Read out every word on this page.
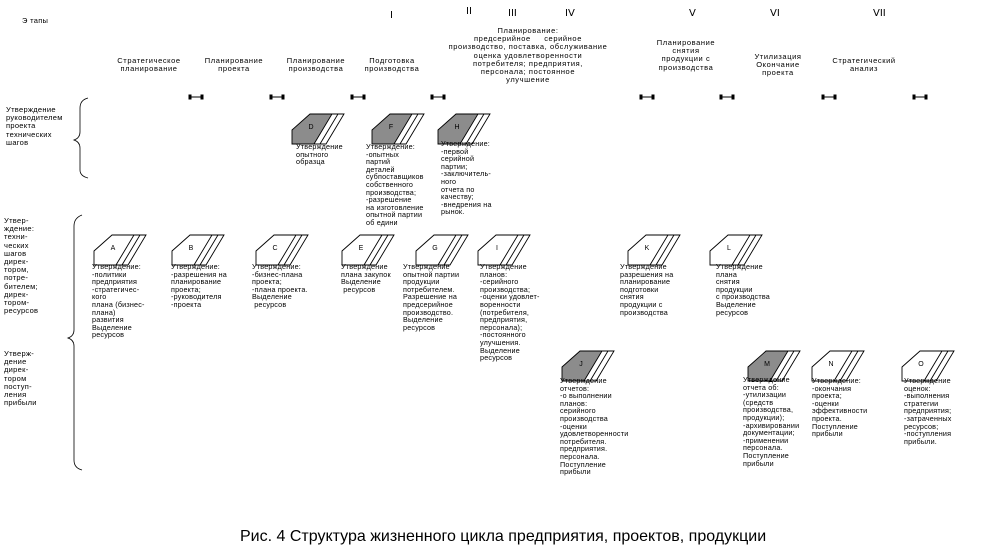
Э тапы	I	II	III	IV	V	VI	VII
Стратегическое
планирование
Планирование
проекта
Планирование
производства
Подготовка
производства
Планирование:
предсерийное     серийное
производство, поставка, обслуживание
оценка удовлетворенности
потребителя; предприятия,
персонала; постоянное
улучшение
Планирование
снятия
продукции с
производства
Утилизация
Окончание
проекта
Стратегический
анализ
Утверждение
руководителем
проекта
технических
шагов
Утвер-
ждение:
техни-
ческих
шагов
дирек-
тором,
потре-
бителем;
дирек-
тором-
ресурсов
Утверж-
дение
дирек-
тором
поступ-
ления
прибыли
D
Утверждение
опытного
образца
F
Утверждение:
-опытных
партий
деталей
субпоставщиков
собственного
производства;
-разрешение
на изготовление
опытной партии
об едини
H
Утверждение:
-первой
серийной
партии;
-заключитель-
ного
отчета по
качеству;
-внедрения на
рынок.
A
Утверждение:
-политики
предприятия
-стратегичес-
кого
плана (бизнес-
плана)
развития
Выделение
ресурсов
B
Утверждение:
-разрешения на
планирование
проекта;
-руководителя
-проекта
C
Утверждение:
-бизнес-плана
проекта;
-плана проекта.
Выделение
ресурсов
E
Утверждение
плана закупок
Выделение
ресурсов
G
Утверждение
опытной партии
продукции
потребителем.
Разрешение на
предсерийное
производство.
Выделение
ресурсов
I
Утверждение
планов:
-серийного
производства;
-оценки удовлет-
воренности
(потребителя,
предприятия,
персонала);
-постоянного
улучшения.
Выделение
ресурсов
K
Утверждение
разрешения на
планирование
подготовки
снятия
продукции с
производства
L
Утверждение
плана
снятия
продукции
с производства
Выделение
ресурсов
J
Утверждение
отчетов:
-о выполнении
планов:
серийного
производства
-оценки
удовлетворенности
потребителя.
предприятия.
персонала.
Поступление
прибыли
M
Утверждение
отчета об:
-утилизации
(средств
производства,
продукции);
-архивировании
документации;
-применении
персонала.
Поступление
прибыли
N
Утверждение:
-окончания
проекта;
-оценки
эффективности
проекта.
Поступление
прибыли
O
Утверждение
оценок:
-выполнения
стратегии
предприятия;
-затраченных
ресурсов;
-поступления
прибыли.
Рис. 4 Структура жизненного цикла предприятия, проектов, продукции
